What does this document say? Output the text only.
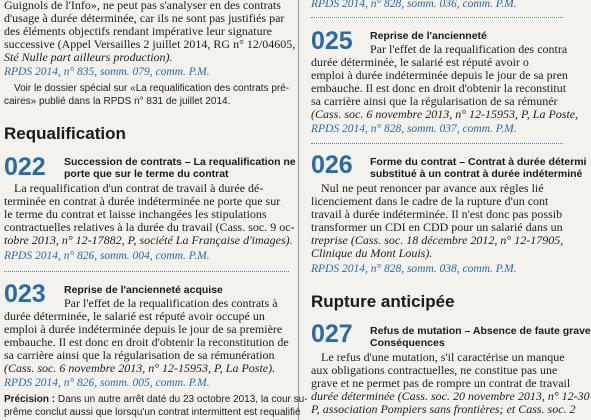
Guignols de l'Info», ne peut pas s'analyser en des contrats
d'usage à durée déterminée, car ils ne sont pas justifiés par
des éléments objectifs rendant impérative leur signature
successive (Appel Versailles 2 juillet 2014, RG n° 12/04605,
Sté Nulle part ailleurs production).
RPDS 2014, n° 835, somm. 079, comm. P.M.
Voir le dossier spécial sur «La requalification des contrats pré-
caires» publié dans la RPDS n° 831 de juillet 2014.
Requalification
022 Succession de contrats – La requalification ne
porte que sur le terme du contrat
La requalification d'un contrat de travail à durée dé-
terminée en contrat à durée indéterminée ne porte que sur
le terme du contrat et laisse inchangées les stipulations
contractuelles relatives à la durée du travail (Cass. soc. 9 oc-
tobre 2013, n° 12-17882, P, société La Française d'images).
RPDS 2014, n° 826, somm. 004, comm. P.M.
023 Reprise de l'ancienneté acquise
Par l'effet de la requalification des contrats à
durée déterminée, le salarié est réputé avoir occupé un
emploi à durée indéterminée depuis le jour de sa première
embauche. Il est donc en droit d'obtenir la reconstitution de
sa carrière ainsi que la régularisation de sa rémunération
(Cass. soc. 6 novembre 2013, n° 12-15953, P, La Poste).
RPDS 2014, n° 826, somm. 005, comm. P.M.
Précision : Dans un autre arrêt daté du 23 octobre 2013, la cour su-
prême conclut aussi que lorsqu'un contrat intermittent est requalifié
RPDS 2014, n° 828, somm. 036, comm. P.M.
025 Reprise de l'ancienneté
Par l'effet de la requalification des contra
durée déterminée, le salarié est réputé avoir o
emploi à durée indéterminée depuis le jour de sa pren
embauche. Il est donc en droit d'obtenir la reconstitut
sa carrière ainsi que la régularisation de sa rémunér
(Cass. soc. 6 novembre 2013, n° 12-15953, P, La Poste,
RPDS 2014, n° 828, somm. 037, comm. P.M.
026 Forme du contrat – Contrat à durée détermi
substitué à un contrat à durée indéterminé
Nul ne peut renoncer par avance aux règles lié
licenciement dans le cadre de la rupture d'un cont
travail à durée indéterminée. Il n'est donc pas possib
transformer un CDI en CDD pour un salarié dans un
treprise (Cass. soc. 18 décembre 2012, n° 12-17905,
Clinique du Mont Louis).
RPDS 2014, n° 828, somm. 038, comm. P.M.
Rupture anticipée
027 Refus de mutation – Absence de faute grave
Conséquences
Le refus d'une mutation, s'il caractérise un manque
aux obligations contractuelles, ne constitue pas une
grave et ne permet pas de rompre un contrat de travail
durée déterminée (Cass. soc. 20 novembre 2013, n° 12-30
P, association Pompiers sans frontières; et Cass. soc. 2
